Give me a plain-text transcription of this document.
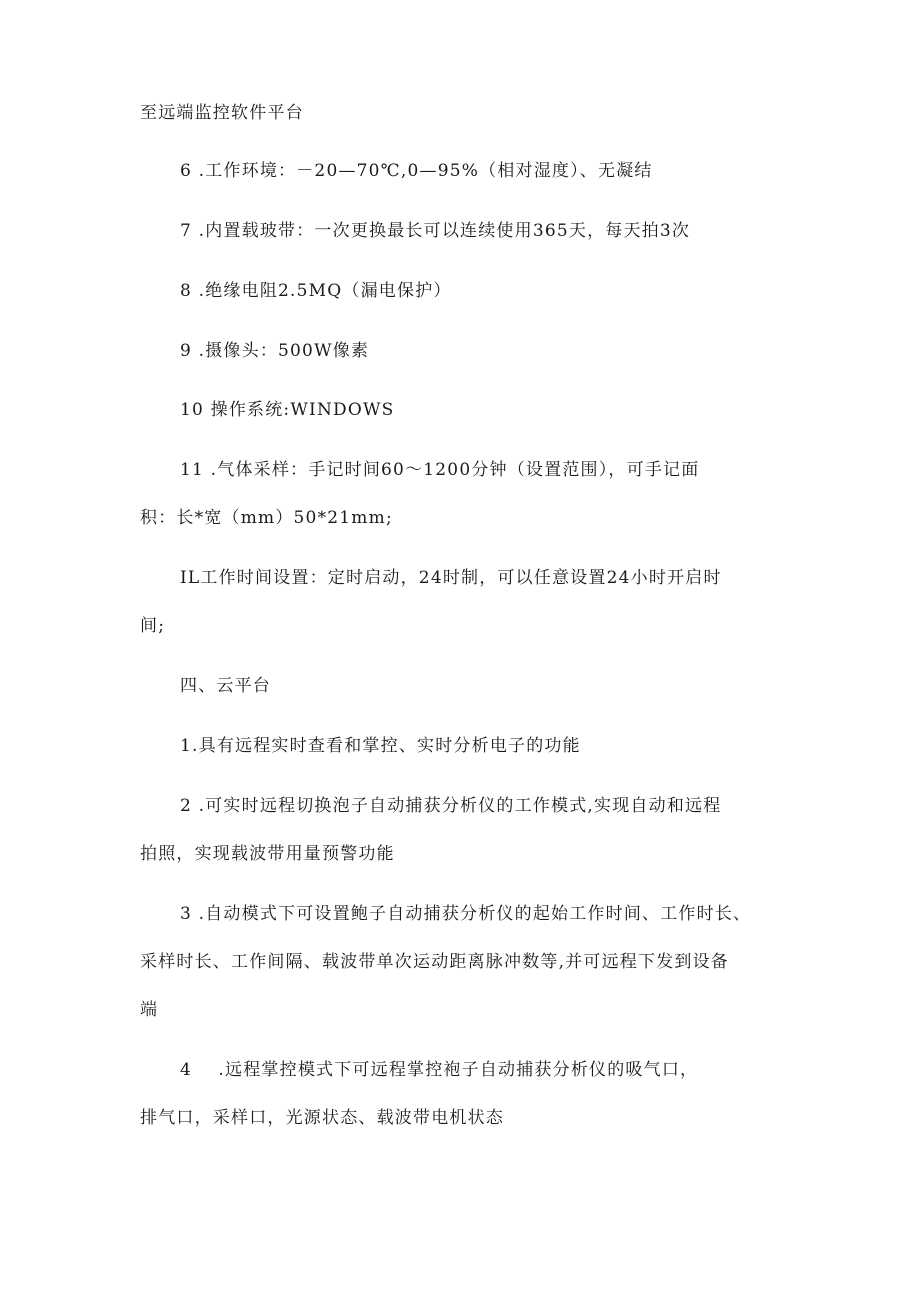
至远端监控软件平台
6 .工作环境：－20—70℃,0—95%（相对湿度）、无凝结
7 .内置载玻带：一次更换最长可以连续使用365天，每天拍3次
8 .绝缘电阻2.5MQ（漏电保护）
9 .摄像头：500W像素
10 操作系统:WINDOWS
11 .气体采样：手记时间60～1200分钟（设置范围），可手记面
积：长*宽（mm）50*21mm;
IL工作时间设置：定时启动，24时制，可以任意设置24小时开启时
间;
四、云平台
1.具有远程实时查看和掌控、实时分析电子的功能
2 .可实时远程切换泡子自动捕获分析仪的工作模式,实现自动和远程
拍照，实现载波带用量预警功能
3 .自动模式下可设置鲍子自动捕获分析仪的起始工作时间、工作时长、
采样时长、工作间隔、载波带单次运动距离脉冲数等,并可远程下发到设备
端
4    .远程掌控模式下可远程掌控袍子自动捕获分析仪的吸气口，
排气口，采样口，光源状态、载波带电机状态
